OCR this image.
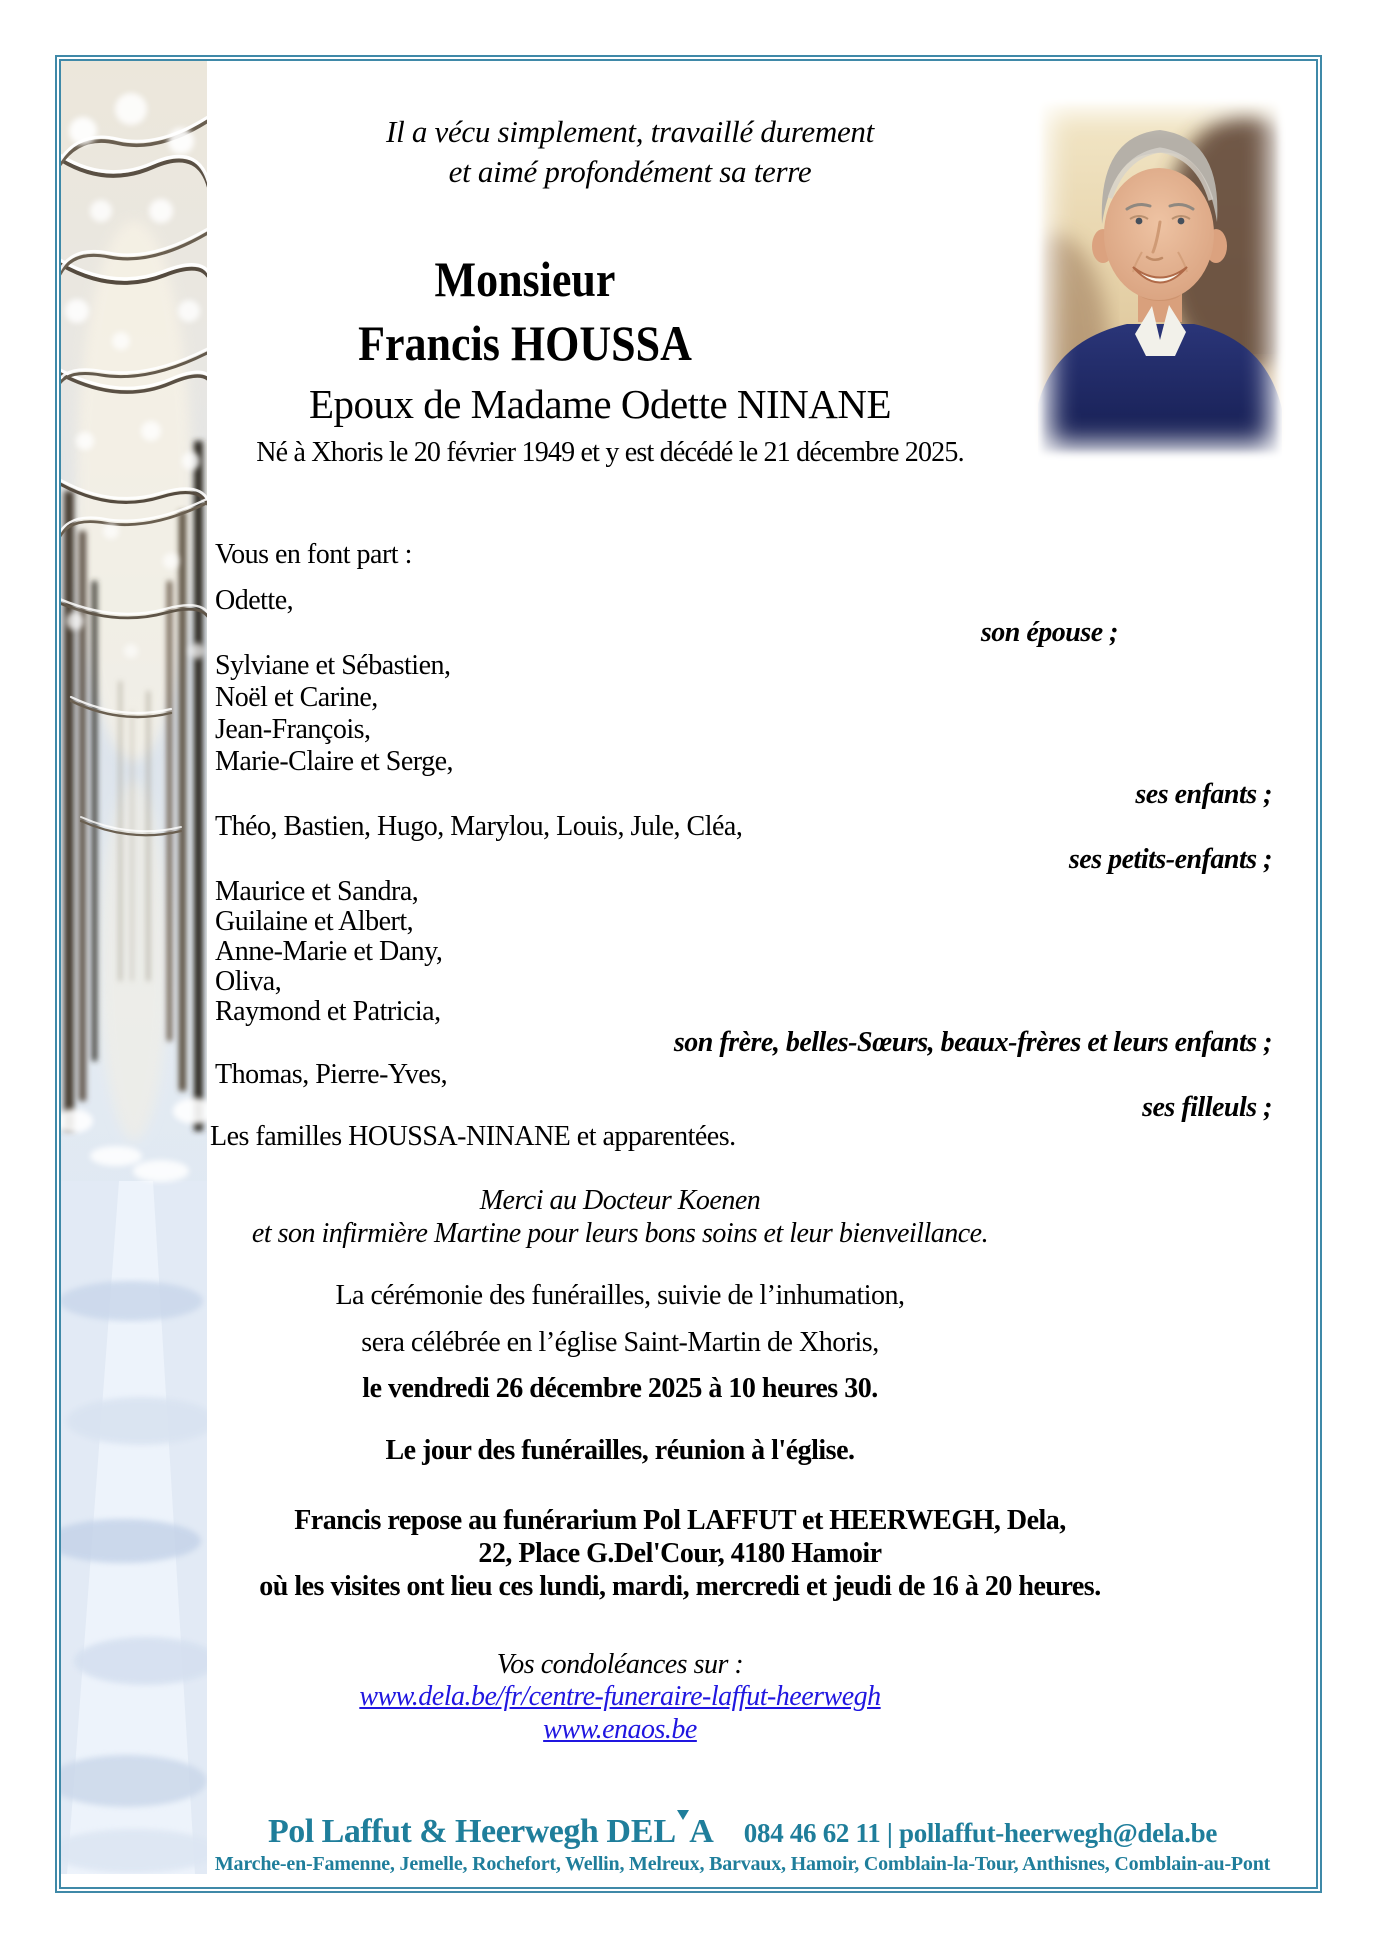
Il a vécu simplement, travaillé durement
et aimé profondément sa terre
Monsieur
Francis HOUSSA
Epoux de Madame Odette NINANE
Né à Xhoris le 20 février 1949 et y est décédé le 21 décembre 2025.
Vous en font part :
Odette,
son épouse ;
Sylviane et Sébastien,
Noël et Carine,
Jean-François,
Marie-Claire et Serge,
ses enfants ;
Théo, Bastien, Hugo, Marylou, Louis, Jule, Cléa,
ses petits-enfants ;
Maurice et Sandra,
Guilaine et Albert,
Anne-Marie et Dany,
Oliva,
Raymond et Patricia,
son frère, belles-Sœurs, beaux-frères et leurs enfants ;
Thomas, Pierre-Yves,
ses filleuls ;
Les familles HOUSSA-NINANE et apparentées.
Merci au Docteur Koenen
et son infirmière Martine pour leurs bons soins et leur bienveillance.
La cérémonie des funérailles, suivie de l’inhumation,
sera célébrée en l’église Saint-Martin de Xhoris,
le vendredi 26 décembre 2025 à 10 heures 30.
Le jour des funérailles, réunion à l'église.
Francis repose au funérarium Pol LAFFUT et HEERWEGH, Dela,
22, Place G.Del'Cour, 4180 Hamoir
où les visites ont lieu ces lundi, mardi, mercredi et jeudi de 16 à 20 heures.
Vos condoléances sur :
www.dela.be/fr/centre-funeraire-laffut-heerwegh
www.enaos.be
Pol Laffut & Heerwegh DEL A 084 46 62 11 | pollaffut-heerwegh@dela.be
Marche-en-Famenne, Jemelle, Rochefort, Wellin, Melreux, Barvaux, Hamoir, Comblain-la-Tour, Anthisnes, Comblain-au-Pont
